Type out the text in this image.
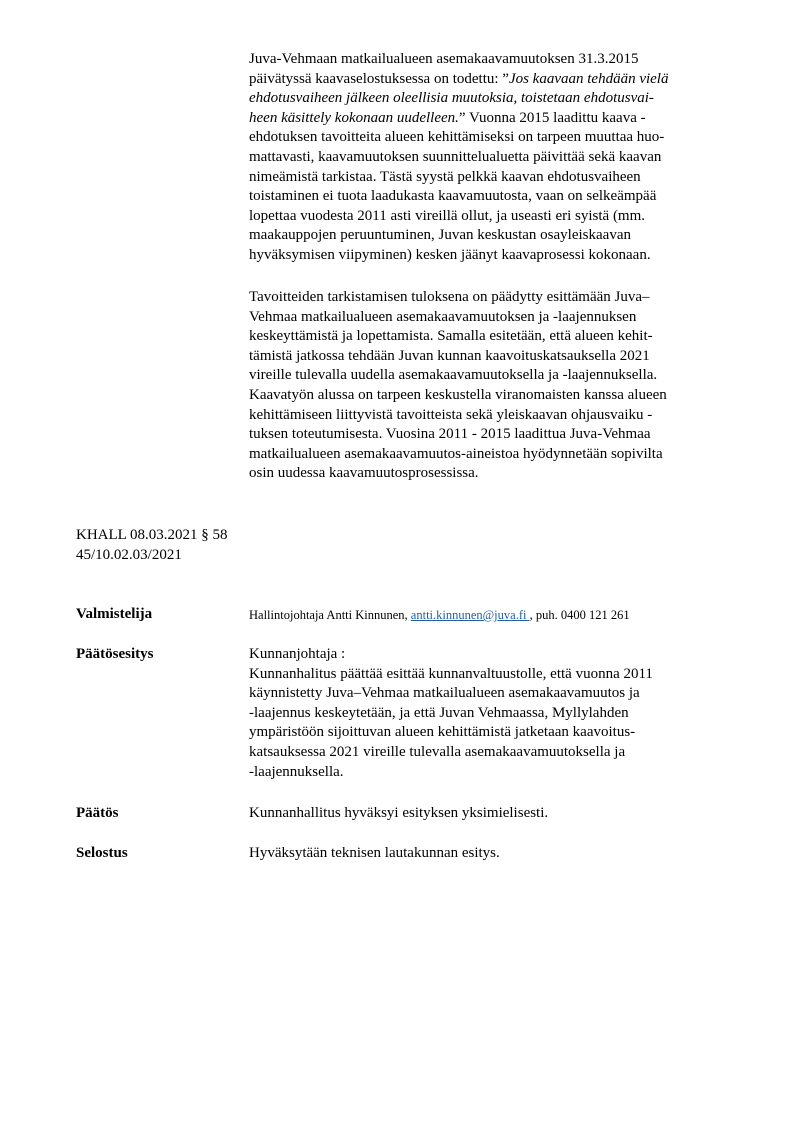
Juva-Vehmaan matkailualueen asemakaavamuutoksen 31.3.2015
päivätyssä kaavaselostuksessa on todettu: ”Jos kaavaan tehdään vielä
ehdotusvaiheen jälkeen oleellisia muutoksia, toistetaan ehdotusvai-
heen käsittely kokonaan uudelleen.” Vuonna 2015 laadittu kaava -
ehdotuksen tavoitteita alueen kehittämiseksi on tarpeen muuttaa huo-
mattavasti, kaavamuutoksen suunnittelualuetta päivittää sekä kaavan
nimeämistä tarkistaa. Tästä syystä pelkkä kaavan ehdotusvaiheen
toistaminen ei tuota laadukasta kaavamuutosta, vaan on selkeämpää
lopettaa vuodesta 2011 asti vireillä ollut, ja useasti eri syistä (mm.
maakauppojen peruuntuminen, Juvan keskustan osayleiskaavan
hyväksymisen viipyminen) kesken jäänyt kaavaprosessi kokonaan.
Tavoitteiden tarkistamisen tuloksena on päädytty esittämään Juva–
Vehmaa matkailualueen asemakaavamuutoksen ja -laajennuksen
keskeyttämistä ja lopettamista. Samalla esitetään, että alueen kehit-
tämistä jatkossa tehdään Juvan kunnan kaavoituskatsauksella 2021
vireille tulevalla uudella asemakaavamuutoksella ja -laajennuksella.
Kaavatyön alussa on tarpeen keskustella viranomaisten kanssa alueen
kehittämiseen liittyvistä tavoitteista sekä yleiskaavan ohjausvaiku -
tuksen toteutumisesta. Vuosina 2011 - 2015 laadittua Juva-Vehmaa
matkailualueen asemakaavamuutos-aineistoa hyödynnetään sopivilta
osin uudessa kaavamuutosprosessissa.
KHALL 08.03.2021 § 58
45/10.02.03/2021
Valmistelija	Hallintojohtaja Antti Kinnunen, antti.kinnunen@juva.fi , puh. 0400 121 261
Päätösesitys	Kunnanjohtaja :
Kunnanhalitus päättää esittää kunnanvaltuustolle, että vuonna 2011
käynnistetty Juva–Vehmaa matkailualueen asemakaavamuutos ja
-laajennus keskeytetään, ja että Juvan Vehmaassa, Myllylahden
ympäristöön sijoittuvan alueen kehittämistä jatketaan kaavoitus-
katsauksessa 2021 vireille tulevalla asemakaavamuutoksella ja
-laajennuksella.
Päätös	Kunnanhallitus hyväksyi esityksen yksimielisesti.
Selostus	Hyväksytään teknisen lautakunnan esitys.
